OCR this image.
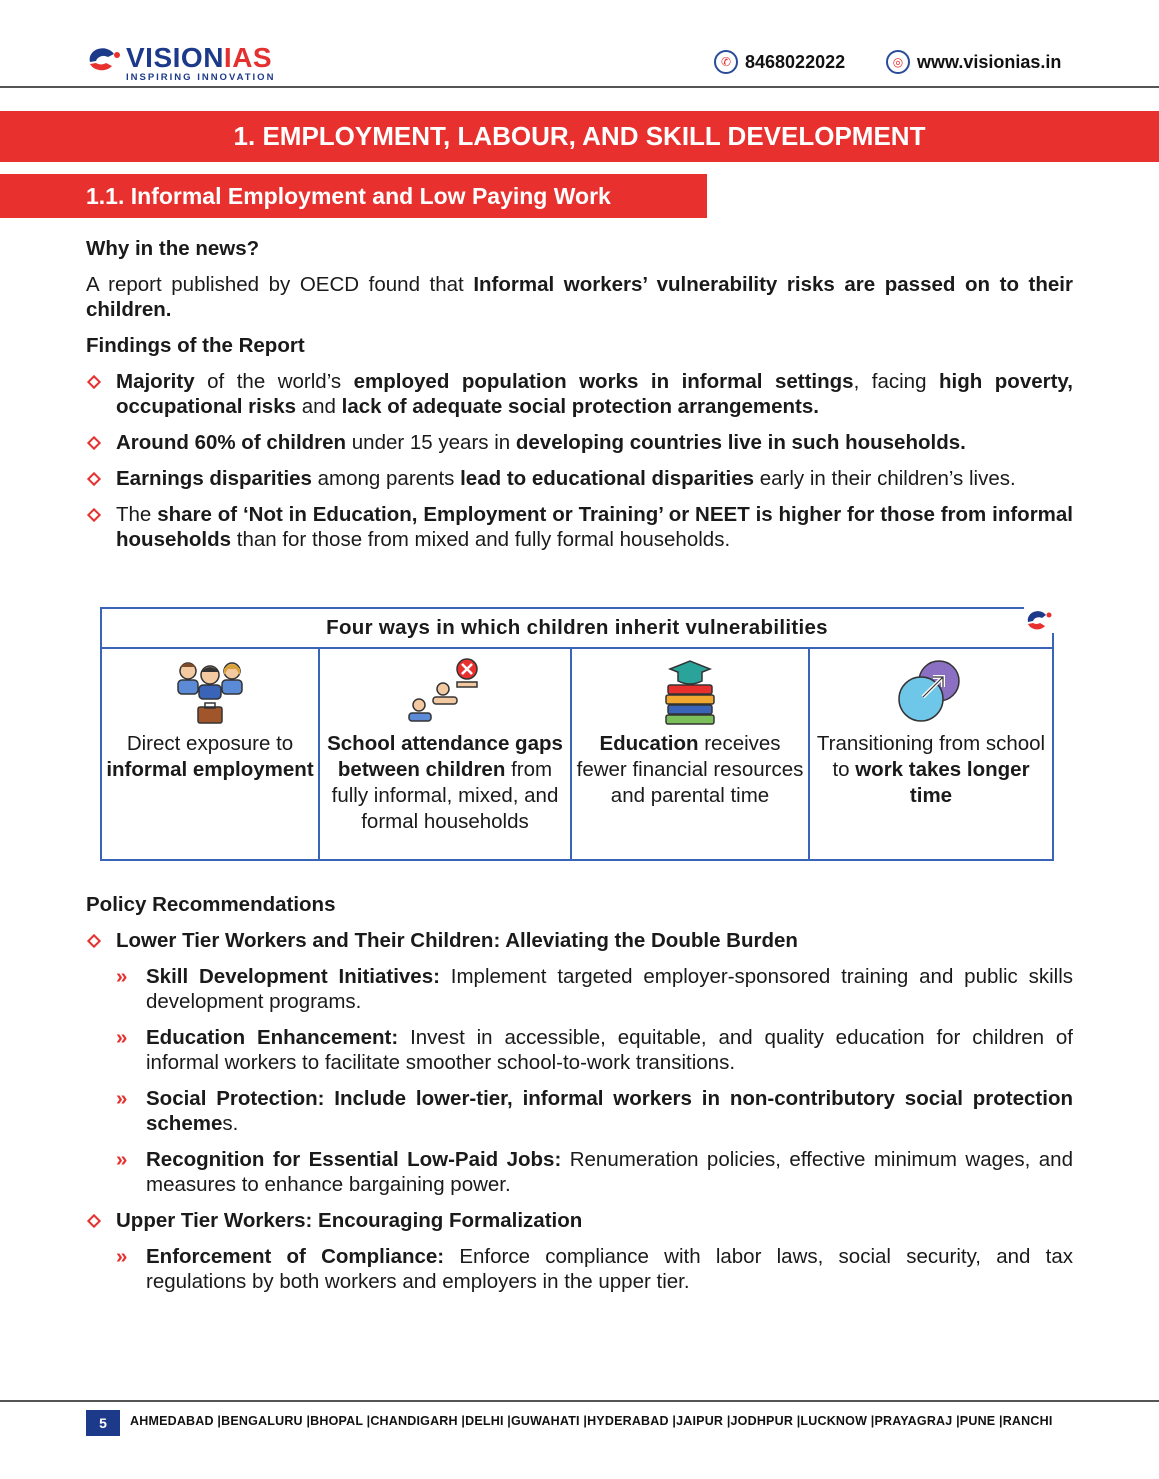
VISIONIAS
INSPIRING INNOVATION
✆ 8468022022	◎ www.visionias.in
1. EMPLOYMENT, LABOUR, AND SKILL DEVELOPMENT
1.1. Informal Employment and Low Paying Work
Why in the news?
A report published by OECD found that Informal workers’ vulnerability risks are passed on to their children.
Findings of the Report
Majority of the world’s employed population works in informal settings, facing high poverty, occupational risks and lack of adequate social protection arrangements.
Around 60% of children under 15 years in developing countries live in such households.
Earnings disparities among parents lead to educational disparities early in their children’s lives.
The share of ‘Not in Education, Employment or Training’ or NEET is higher for those from informal households than for those from mixed and fully formal households.
Four ways in which children inherit vulnerabilities
Direct exposure to informal employment
School attendance gaps between children from fully informal, mixed, and formal households
Education receives fewer financial resources and parental time
Transitioning from school to work takes longer time
Policy Recommendations
Lower Tier Workers and Their Children: Alleviating the Double Burden
» Skill Development Initiatives: Implement targeted employer-sponsored training and public skills development programs.
» Education Enhancement: Invest in accessible, equitable, and quality education for children of informal workers to facilitate smoother school-to-work transitions.
» Social Protection: Include lower-tier, informal workers in non-contributory social protection schemes.
» Recognition for Essential Low-Paid Jobs: Renumeration policies, effective minimum wages, and measures to enhance bargaining power.
Upper Tier Workers: Encouraging Formalization
» Enforcement of Compliance: Enforce compliance with labor laws, social security, and tax regulations by both workers and employers in the upper tier.
5	AHMEDABAD |BENGALURU |BHOPAL |CHANDIGARH |DELHI |GUWAHATI |HYDERABAD |JAIPUR |JODHPUR |LUCKNOW |PRAYAGRAJ |PUNE |RANCHI
